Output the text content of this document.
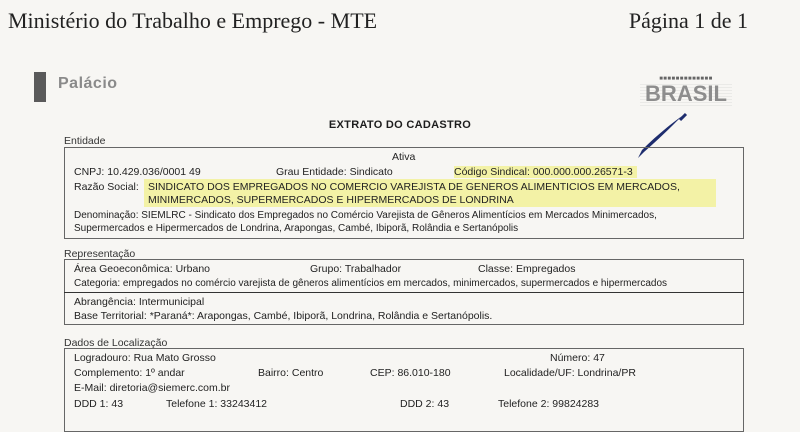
Ministério do Trabalho e Emprego - MTE	Página 1 de 1
Palácio	■■■■■■■■■■■■■
BRASIL
EXTRATO DO CADASTRO
Entidade
Ativa
CNPJ: 10.429.036/0001 49	Grau Entidade: Sindicato	Código Sindical: 000.000.000.26571-3
Razão Social: SINDICATO DOS EMPREGADOS NO COMERCIO VAREJISTA DE GENEROS ALIMENTICIOS EM MERCADOS,
MINIMERCADOS, SUPERMERCADOS E HIPERMERCADOS DE LONDRINA
Denominação: SIEMLRC - Sindicato dos Empregados no Comércio Varejista de Gêneros Alimentícios em Mercados Minimercados,
Supermercados e Hipermercados de Londrina, Arapongas, Cambé, Ibiporã, Rolândia e Sertanópolis
Representação
Área Geoeconômica: Urbano	Grupo: Trabalhador	Classe: Empregados
Categoria: empregados no comércio varejista de gêneros alimentícios em mercados, minimercados, supermercados e hipermercados
Abrangência: Intermunicipal
Base Territorial: *Paraná*: Arapongas, Cambé, Ibiporã, Londrina, Rolândia e Sertanópolis.
Dados de Localização
Logradouro: Rua Mato Grosso	Número: 47
Complemento: 1º andar	Bairro: Centro	CEP: 86.010-180	Localidade/UF: Londrina/PR
E-Mail: diretoria@siemerc.com.br
DDD 1: 43	Telefone 1: 33243412	DDD 2: 43	Telefone 2: 99824283
